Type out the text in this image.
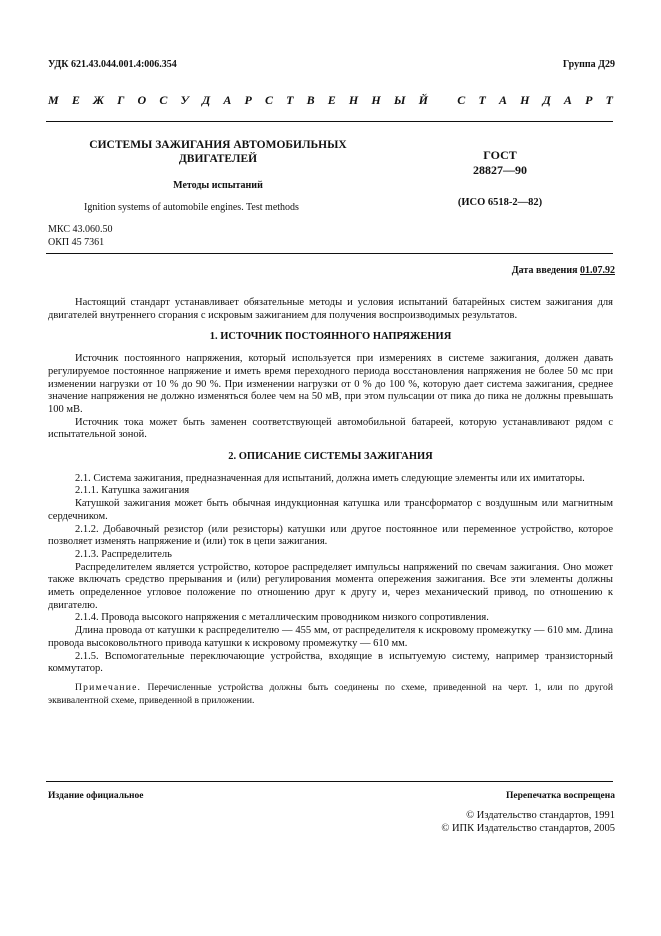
УДК 621.43.044.001.4:006.354	Группа Д29
М Е Ж Г О С У Д А Р С Т В Е Н Н Ы Й
С Т А Н Д А Р Т
СИСТЕМЫ ЗАЖИГАНИЯ АВТОМОБИЛЬНЫХ
ДВИГАТЕЛЕЙ
Методы испытаний
Ignition systems of automobile engines. Test methods
ГОСТ
28827—90
(ИСО 6518-2—82)
МКС 43.060.50
ОКП 45 7361
Дата введения 01.07.92

Настоящий стандарт устанавливает обязательные методы и условия испытаний батарейных систем зажигания для двигателей внутреннего сгорания с искровым зажиганием для получения воспроизводимых результатов.

1. ИСТОЧНИК ПОСТОЯННОГО НАПРЯЖЕНИЯ

Источник постоянного напряжения, который используется при измерениях в системе зажигания, должен давать регулируемое постоянное напряжение и иметь время переходного периода восстановления напряжения не более 50 мс при изменении нагрузки от 10 % до 90 %. При изменении нагрузки от 0 % до 100 %, которую дает система зажигания, среднее значение напряжения не должно изменяться более чем на 50 мВ, при этом пульсации от пика до пика не должны превышать 100 мВ.

Источник тока может быть заменен соответствующей автомобильной батареей, которую устанавливают рядом с испытательной зоной.

2. ОПИСАНИЕ СИСТЕМЫ ЗАЖИГАНИЯ

2.1. Система зажигания, предназначенная для испытаний, должна иметь следующие элементы или их имитаторы.

2.1.1. Катушка зажигания

Катушкой зажигания может быть обычная индукционная катушка или трансформатор с воздушным или магнитным сердечником.

2.1.2. Добавочный резистор (или резисторы) катушки или другое постоянное или переменное устройство, которое позволяет изменять напряжение и (или) ток в цепи зажигания.

2.1.3. Распределитель

Распределителем является устройство, которое распределяет импульсы напряжений по свечам зажигания. Оно может также включать средство прерывания и (или) регулирования момента опережения зажигания. Все эти элементы должны иметь определенное угловое положение по отношению друг к другу и, через механический привод, по отношению к двигателю.

2.1.4. Провода высокого напряжения с металлическим проводником низкого сопротивления.

Длина провода от катушки к распределителю — 455 мм, от распределителя к искровому промежутку — 610 мм. Длина провода высоковольтного привода катушки к искровому промежутку — 610 мм.

2.1.5. Вспомогательные переключающие устройства, входящие в испытуемую систему, например транзисторный коммутатор.

Примечание. Перечисленные устройства должны быть соединены по схеме, приведенной на черт. 1, или по другой эквивалентной схеме, приведенной в приложении.

Издание официальное	Перепечатка воспрещена
© Издательство стандартов, 1991
© ИПК Издательство стандартов, 2005
